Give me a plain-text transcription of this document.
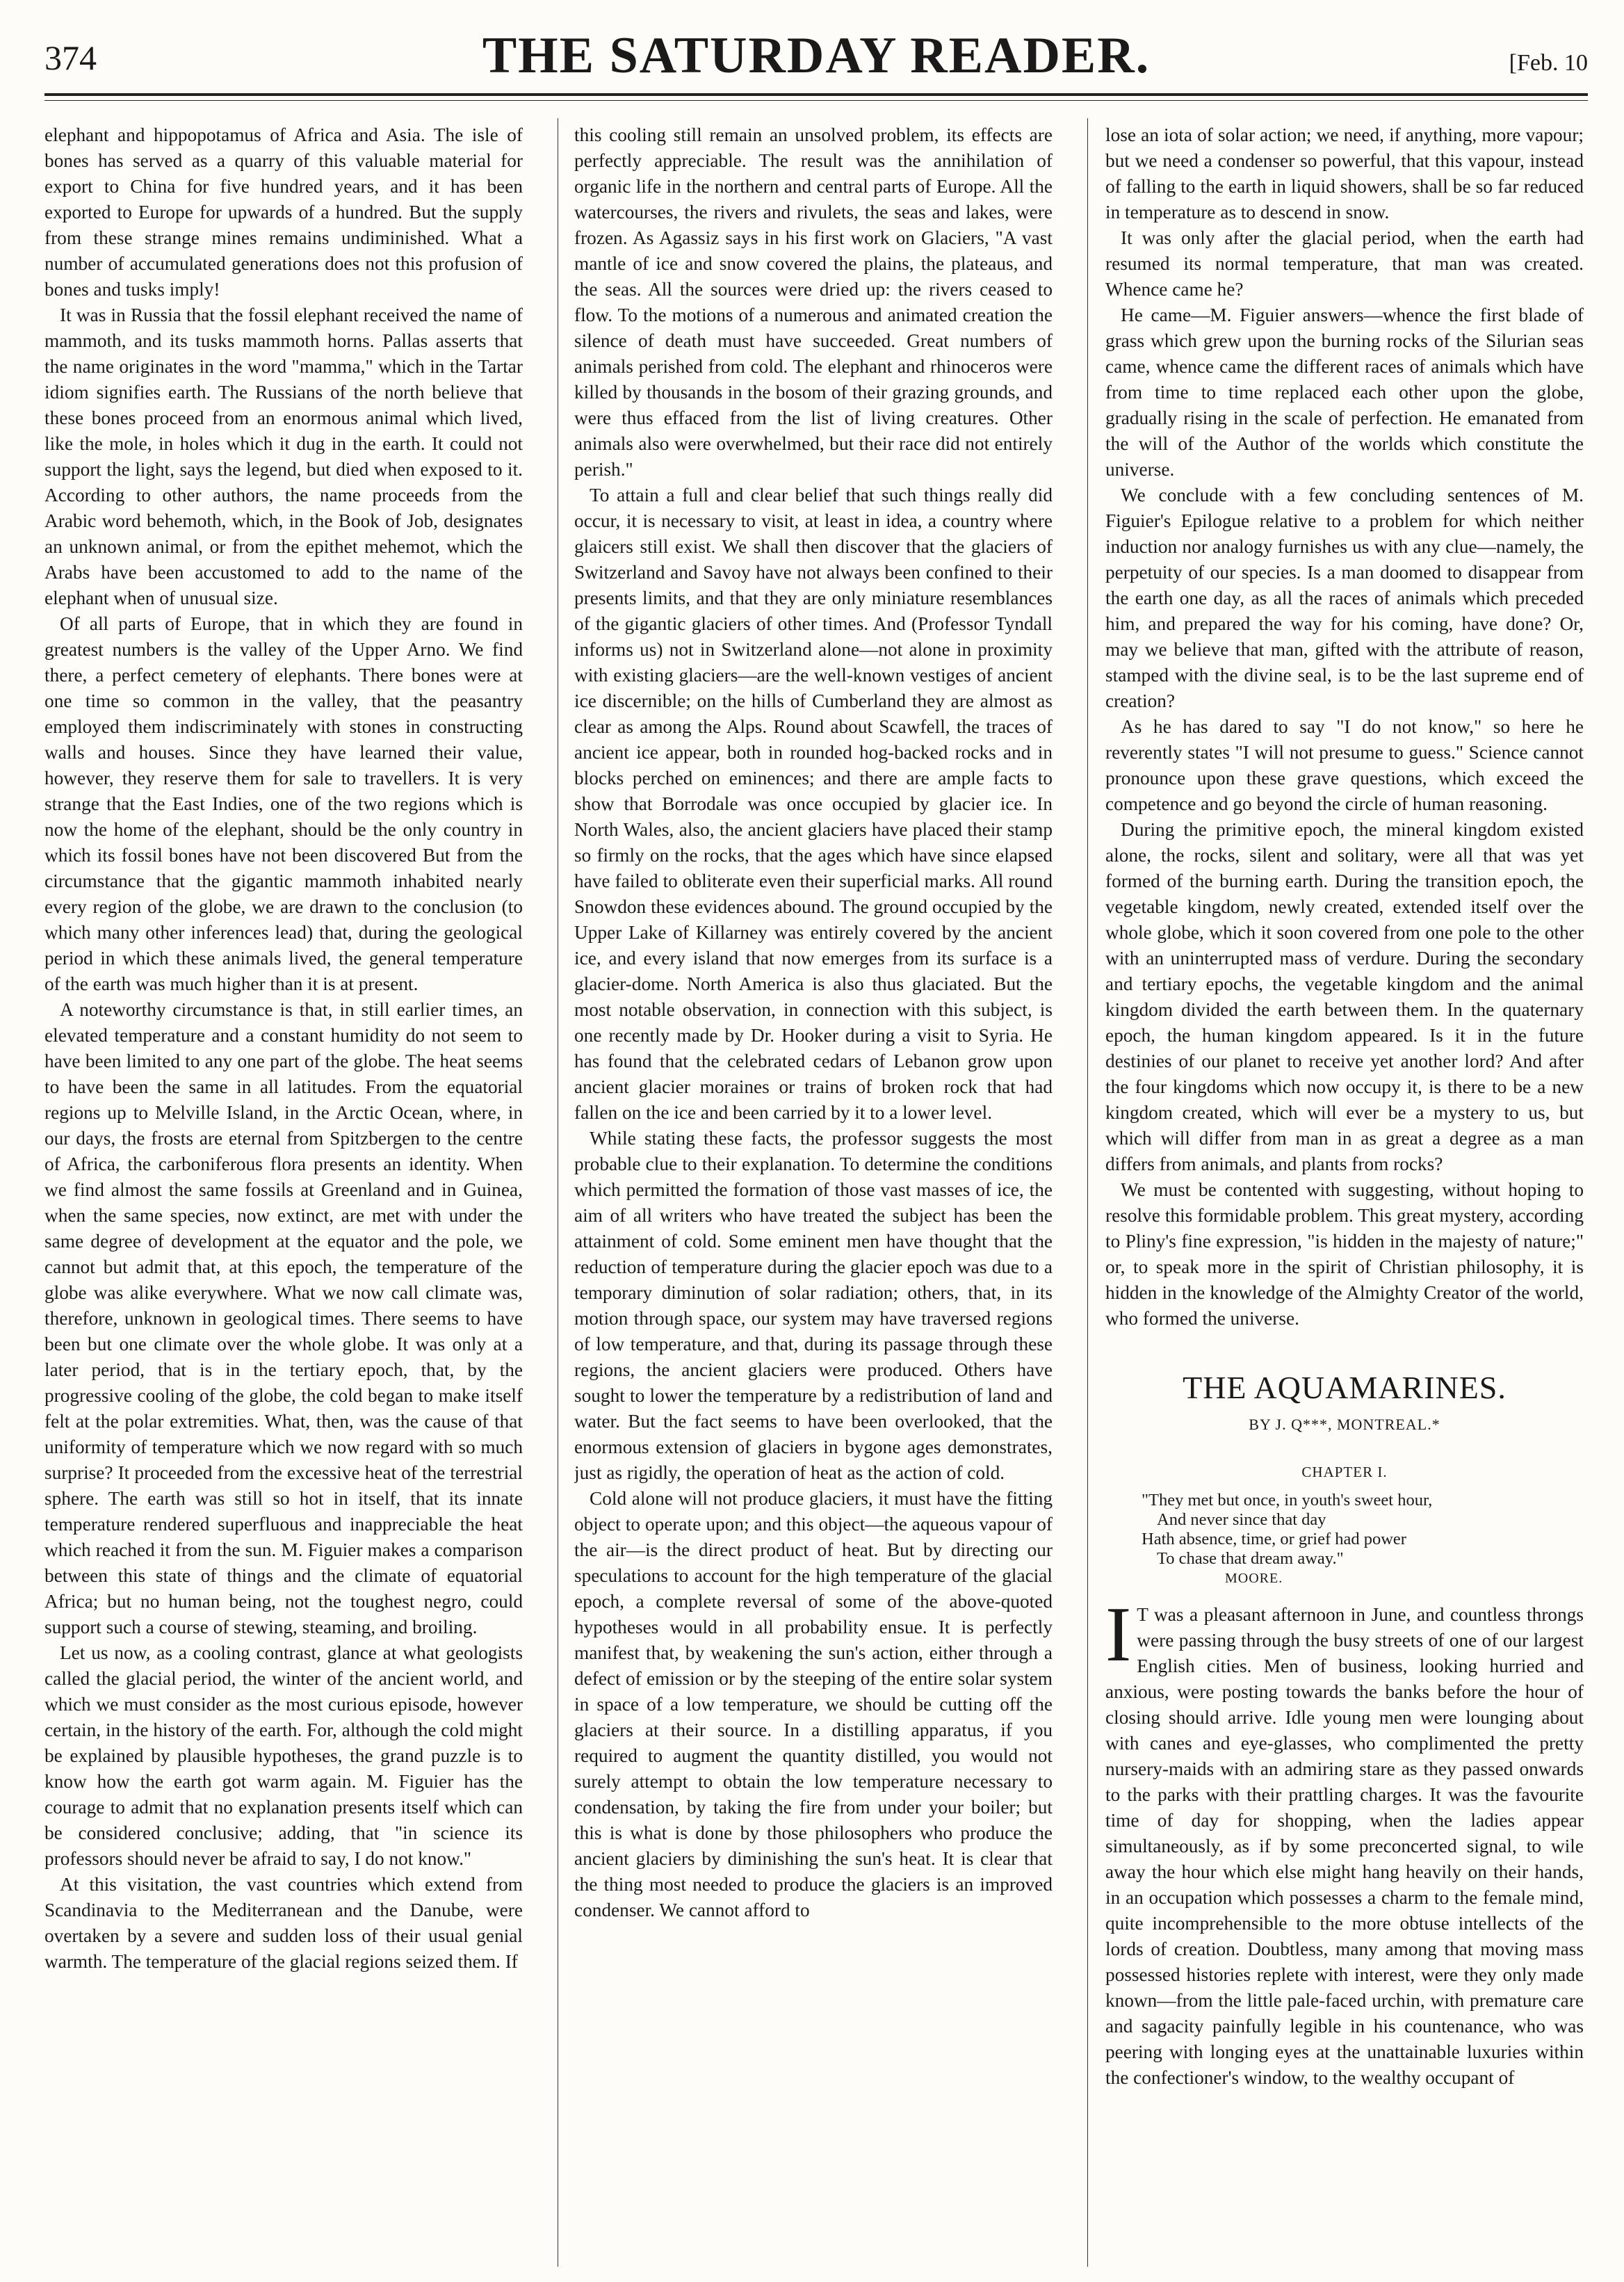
374	THE SATURDAY READER.	[Feb. 10

elephant and hippopotamus of Africa and Asia. The isle of bones has served as a quarry of this valuable material for export to China for five hundred years, and it has been exported to Europe for upwards of a hundred. But the supply from these strange mines remains undiminished. What a number of accumulated generations does not this profusion of bones and tusks imply!

It was in Russia that the fossil elephant received the name of mammoth, and its tusks mammoth horns. Pallas asserts that the name originates in the word "mamma," which in the Tartar idiom signifies earth. The Russians of the north believe that these bones proceed from an enormous animal which lived, like the mole, in holes which it dug in the earth. It could not support the light, says the legend, but died when exposed to it. According to other authors, the name proceeds from the Arabic word behemoth, which, in the Book of Job, designates an unknown animal, or from the epithet mehemot, which the Arabs have been accustomed to add to the name of the elephant when of unusual size.

Of all parts of Europe, that in which they are found in greatest numbers is the valley of the Upper Arno. We find there, a perfect cemetery of elephants. There bones were at one time so common in the valley, that the peasantry employed them indiscriminately with stones in constructing walls and houses. Since they have learned their value, however, they reserve them for sale to travellers. It is very strange that the East Indies, one of the two regions which is now the home of the elephant, should be the only country in which its fossil bones have not been discovered But from the circumstance that the gigantic mammoth inhabited nearly every region of the globe, we are drawn to the conclusion (to which many other inferences lead) that, during the geological period in which these animals lived, the general temperature of the earth was much higher than it is at present.

A noteworthy circumstance is that, in still earlier times, an elevated temperature and a constant humidity do not seem to have been limited to any one part of the globe. The heat seems to have been the same in all latitudes. From the equatorial regions up to Melville Island, in the Arctic Ocean, where, in our days, the frosts are eternal from Spitzbergen to the centre of Africa, the carboniferous flora presents an identity. When we find almost the same fossils at Greenland and in Guinea, when the same species, now extinct, are met with under the same degree of development at the equator and the pole, we cannot but admit that, at this epoch, the temperature of the globe was alike everywhere. What we now call climate was, therefore, unknown in geological times. There seems to have been but one climate over the whole globe. It was only at a later period, that is in the tertiary epoch, that, by the progressive cooling of the globe, the cold began to make itself felt at the polar extremities. What, then, was the cause of that uniformity of temperature which we now regard with so much surprise? It proceeded from the excessive heat of the terrestrial sphere. The earth was still so hot in itself, that its innate temperature rendered superfluous and inappreciable the heat which reached it from the sun. M. Figuier makes a comparison between this state of things and the climate of equatorial Africa; but no human being, not the toughest negro, could support such a course of stewing, steaming, and broiling.

Let us now, as a cooling contrast, glance at what geologists called the glacial period, the winter of the ancient world, and which we must consider as the most curious episode, however certain, in the history of the earth. For, although the cold might be explained by plausible hypotheses, the grand puzzle is to know how the earth got warm again. M. Figuier has the courage to admit that no explanation presents itself which can be considered conclusive; adding, that "in science its professors should never be afraid to say, I do not know."

At this visitation, the vast countries which extend from Scandinavia to the Mediterranean and the Danube, were overtaken by a severe and sudden loss of their usual genial warmth. The temperature of the glacial regions seized them. If

this cooling still remain an unsolved problem, its effects are perfectly appreciable. The result was the annihilation of organic life in the northern and central parts of Europe. All the watercourses, the rivers and rivulets, the seas and lakes, were frozen. As Agassiz says in his first work on Glaciers, "A vast mantle of ice and snow covered the plains, the plateaus, and the seas. All the sources were dried up: the rivers ceased to flow. To the motions of a numerous and animated creation the silence of death must have succeeded. Great numbers of animals perished from cold. The elephant and rhinoceros were killed by thousands in the bosom of their grazing grounds, and were thus effaced from the list of living creatures. Other animals also were overwhelmed, but their race did not entirely perish."

To attain a full and clear belief that such things really did occur, it is necessary to visit, at least in idea, a country where glaicers still exist. We shall then discover that the glaciers of Switzerland and Savoy have not always been confined to their presents limits, and that they are only miniature resemblances of the gigantic glaciers of other times. And (Professor Tyndall informs us) not in Switzerland alone—not alone in proximity with existing glaciers—are the well-known vestiges of ancient ice discernible; on the hills of Cumberland they are almost as clear as among the Alps. Round about Scawfell, the traces of ancient ice appear, both in rounded hog-backed rocks and in blocks perched on eminences; and there are ample facts to show that Borrodale was once occupied by glacier ice. In North Wales, also, the ancient glaciers have placed their stamp so firmly on the rocks, that the ages which have since elapsed have failed to obliterate even their superficial marks. All round Snowdon these evidences abound. The ground occupied by the Upper Lake of Killarney was entirely covered by the ancient ice, and every island that now emerges from its surface is a glacier-dome. North America is also thus glaciated. But the most notable observation, in connection with this subject, is one recently made by Dr. Hooker during a visit to Syria. He has found that the celebrated cedars of Lebanon grow upon ancient glacier moraines or trains of broken rock that had fallen on the ice and been carried by it to a lower level.

While stating these facts, the professor suggests the most probable clue to their explanation. To determine the conditions which permitted the formation of those vast masses of ice, the aim of all writers who have treated the subject has been the attainment of cold. Some eminent men have thought that the reduction of temperature during the glacier epoch was due to a temporary diminution of solar radiation; others, that, in its motion through space, our system may have traversed regions of low temperature, and that, during its passage through these regions, the ancient glaciers were produced. Others have sought to lower the temperature by a redistribution of land and water. But the fact seems to have been overlooked, that the enormous extension of glaciers in bygone ages demonstrates, just as rigidly, the operation of heat as the action of cold.

Cold alone will not produce glaciers, it must have the fitting object to operate upon; and this object—the aqueous vapour of the air—is the direct product of heat. But by directing our speculations to account for the high temperature of the glacial epoch, a complete reversal of some of the above-quoted hypotheses would in all probability ensue. It is perfectly manifest that, by weakening the sun's action, either through a defect of emission or by the steeping of the entire solar system in space of a low temperature, we should be cutting off the glaciers at their source. In a distilling apparatus, if you required to augment the quantity distilled, you would not surely attempt to obtain the low temperature necessary to condensation, by taking the fire from under your boiler; but this is what is done by those philosophers who produce the ancient glaciers by diminishing the sun's heat. It is clear that the thing most needed to produce the glaciers is an improved condenser. We cannot afford to

lose an iota of solar action; we need, if anything, more vapour; but we need a condenser so powerful, that this vapour, instead of falling to the earth in liquid showers, shall be so far reduced in temperature as to descend in snow.

It was only after the glacial period, when the earth had resumed its normal temperature, that man was created. Whence came he?

He came—M. Figuier answers—whence the first blade of grass which grew upon the burning rocks of the Silurian seas came, whence came the different races of animals which have from time to time replaced each other upon the globe, gradually rising in the scale of perfection. He emanated from the will of the Author of the worlds which constitute the universe.

We conclude with a few concluding sentences of M. Figuier's Epilogue relative to a problem for which neither induction nor analogy furnishes us with any clue—namely, the perpetuity of our species. Is a man doomed to disappear from the earth one day, as all the races of animals which preceded him, and prepared the way for his coming, have done? Or, may we believe that man, gifted with the attribute of reason, stamped with the divine seal, is to be the last supreme end of creation?

As he has dared to say "I do not know," so here he reverently states "I will not presume to guess." Science cannot pronounce upon these grave questions, which exceed the competence and go beyond the circle of human reasoning.

During the primitive epoch, the mineral kingdom existed alone, the rocks, silent and solitary, were all that was yet formed of the burning earth. During the transition epoch, the vegetable kingdom, newly created, extended itself over the whole globe, which it soon covered from one pole to the other with an uninterrupted mass of verdure. During the secondary and tertiary epochs, the vegetable kingdom and the animal kingdom divided the earth between them. In the quaternary epoch, the human kingdom appeared. Is it in the future destinies of our planet to receive yet another lord? And after the four kingdoms which now occupy it, is there to be a new kingdom created, which will ever be a mystery to us, but which will differ from man in as great a degree as a man differs from animals, and plants from rocks?

We must be contented with suggesting, without hoping to resolve this formidable problem. This great mystery, according to Pliny's fine expression, "is hidden in the majesty of nature;" or, to speak more in the spirit of Christian philosophy, it is hidden in the knowledge of the Almighty Creator of the world, who formed the universe.

THE AQUAMARINES.
BY J. Q***, MONTREAL.*
CHAPTER I.
"They met but once, in youth's sweet hour,
And never since that day
Hath absence, time, or grief had power
To chase that dream away."
MOORE.

I T was a pleasant afternoon in June, and countless throngs were passing through the busy streets of one of our largest English cities. Men of business, looking hurried and anxious, were posting towards the banks before the hour of closing should arrive. Idle young men were lounging about with canes and eye-glasses, who complimented the pretty nursery-maids with an admiring stare as they passed onwards to the parks with their prattling charges. It was the favourite time of day for shopping, when the ladies appear simultaneously, as if by some preconcerted signal, to wile away the hour which else might hang heavily on their hands, in an occupation which possesses a charm to the female mind, quite incomprehensible to the more obtuse intellects of the lords of creation. Doubtless, many among that moving mass possessed histories replete with interest, were they only made known—from the little pale-faced urchin, with premature care and sagacity painfully legible in his countenance, who was peering with longing eyes at the unattainable luxuries within the confectioner's window, to the wealthy occupant of
